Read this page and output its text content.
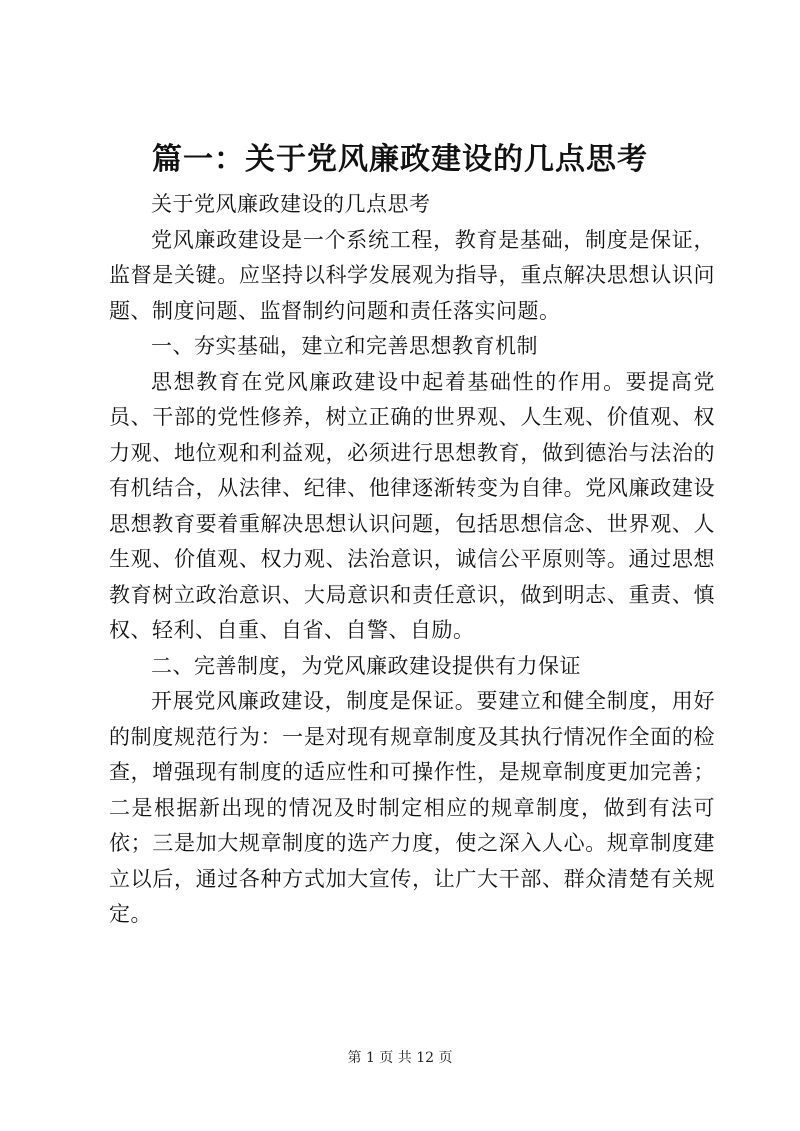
篇一：关于党风廉政建设的几点思考

关于党风廉政建设的几点思考

党风廉政建设是一个系统工程，教育是基础，制度是保证，监督是关键。应坚持以科学发展观为指导，重点解决思想认识问题、制度问题、监督制约问题和责任落实问题。

一、夯实基础，建立和完善思想教育机制

思想教育在党风廉政建设中起着基础性的作用。要提高党员、干部的党性修养，树立正确的世界观、人生观、价值观、权力观、地位观和利益观，必须进行思想教育，做到德治与法治的有机结合，从法律、纪律、他律逐渐转变为自律。党风廉政建设思想教育要着重解决思想认识问题，包括思想信念、世界观、人生观、价值观、权力观、法治意识，诚信公平原则等。通过思想教育树立政治意识、大局意识和责任意识，做到明志、重责、慎权、轻利、自重、自省、自警、自励。

二、完善制度，为党风廉政建设提供有力保证

开展党风廉政建设，制度是保证。要建立和健全制度，用好的制度规范行为：一是对现有规章制度及其执行情况作全面的检查，增强现有制度的适应性和可操作性，是规章制度更加完善；二是根据新出现的情况及时制定相应的规章制度，做到有法可依；三是加大规章制度的选产力度，使之深入人心。规章制度建立以后，通过各种方式加大宣传，让广大干部、群众清楚有关规定。

第 1 页 共 12 页
